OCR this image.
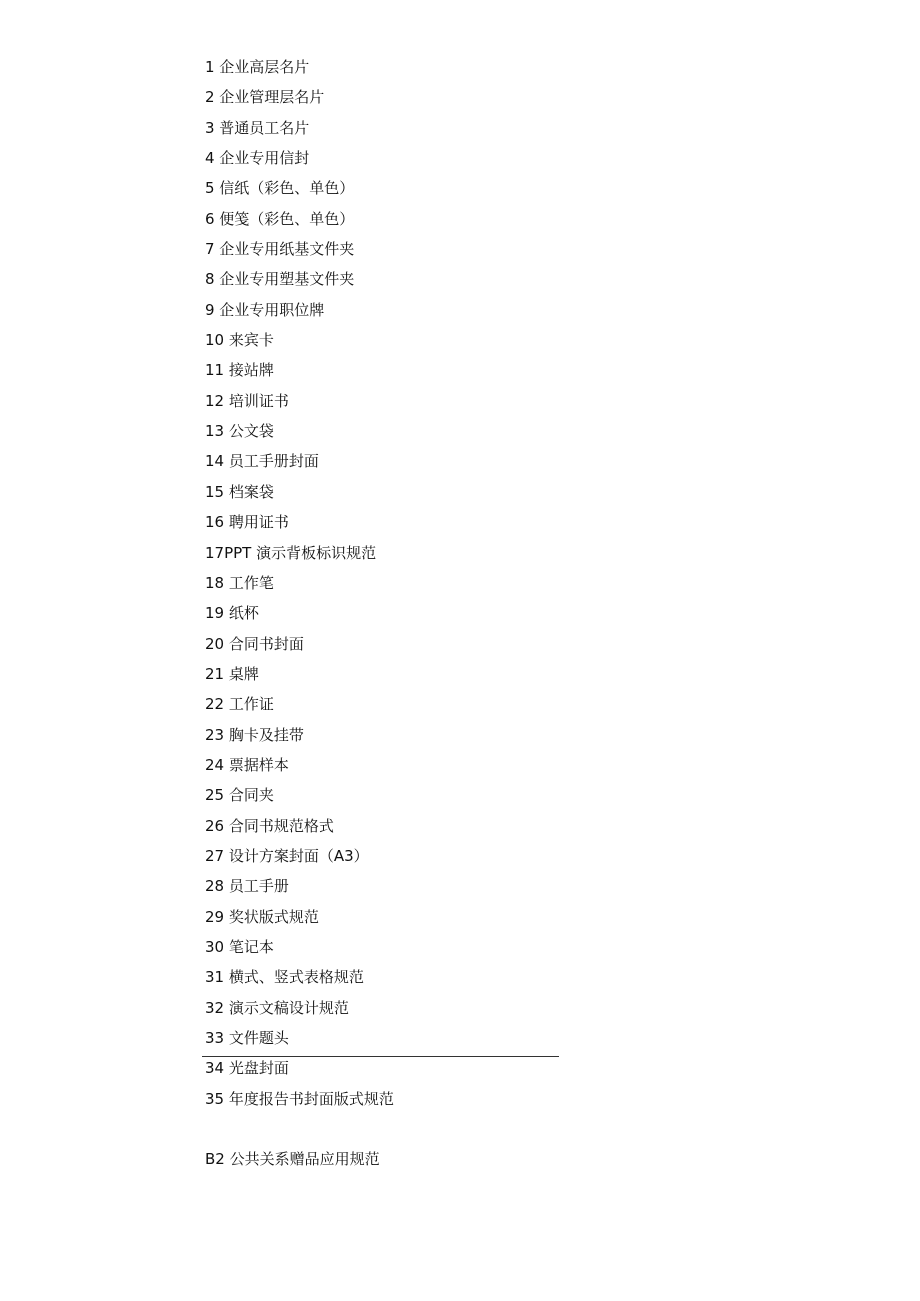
1 企业高层名片
2 企业管理层名片
3 普通员工名片
4 企业专用信封
5 信纸（彩色、单色）
6 便笺（彩色、单色）
7 企业专用纸基文件夹
8 企业专用塑基文件夹
9 企业专用职位牌
10 来宾卡
11 接站牌
12 培训证书
13 公文袋
14 员工手册封面
15 档案袋
16 聘用证书
17PPT 演示背板标识规范
18 工作笔
19 纸杯
20 合同书封面
21 桌牌
22 工作证
23 胸卡及挂带
24 票据样本
25 合同夹
26 合同书规范格式
27 设计方案封面（A3）
28 员工手册
29 奖状版式规范
30 笔记本
31 横式、竖式表格规范
32 演示文稿设计规范
33 文件题头
34 光盘封面
35 年度报告书封面版式规范
B2 公共关系赠品应用规范
